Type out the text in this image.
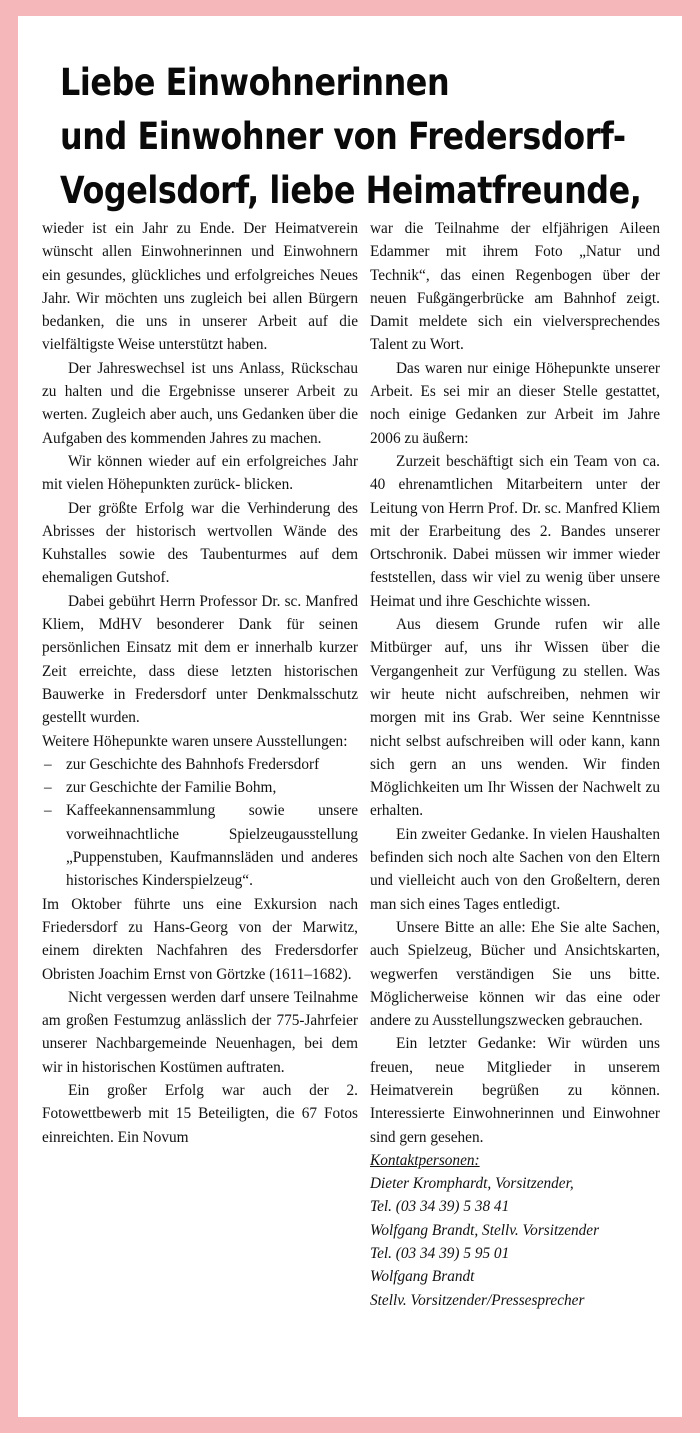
Liebe Einwohnerinnen
und Einwohner von Fredersdorf-
Vogelsdorf, liebe Heimatfreunde,

wieder ist ein Jahr zu Ende. Der Heimatverein wünscht allen Einwohnerinnen und Einwohnern ein gesundes, glückliches und erfolgreiches Neues Jahr. Wir möchten uns zugleich bei allen Bürgern bedanken, die uns in unserer Arbeit auf die vielfältigste Weise unterstützt haben.

Der Jahreswechsel ist uns Anlass, Rückschau zu halten und die Ergebnisse unserer Arbeit zu werten. Zugleich aber auch, uns Gedanken über die Aufgaben des kommenden Jahres zu machen.

Wir können wieder auf ein erfolgreiches Jahr mit vielen Höhepunkten zurück- blicken.

Der größte Erfolg war die Verhinderung des Abrisses der historisch wertvollen Wände des Kuhstalles sowie des Taubenturmes auf dem ehemaligen Gutshof.

Dabei gebührt Herrn Professor Dr. sc. Manfred Kliem, MdHV besonderer Dank für seinen persönlichen Einsatz mit dem er innerhalb kurzer Zeit erreichte, dass diese letzten historischen Bauwerke in Fredersdorf unter Denkmalsschutz gestellt wurden.

Weitere Höhepunkte waren unsere Ausstellungen:

– zur Geschichte des Bahnhofs Fredersdorf
– zur Geschichte der Familie Bohm,
– Kaffeekannensammlung sowie unsere vorweihnachtliche Spielzeugausstellung „Puppenstuben, Kaufmannsläden und anderes historisches Kinderspielzeug“.

Im Oktober führte uns eine Exkursion nach Friedersdorf zu Hans-Georg von der Marwitz, einem direkten Nachfahren des Fredersdorfer Obristen Joachim Ernst von Görtzke (1611–1682).

Nicht vergessen werden darf unsere Teilnahme am großen Festumzug anlässlich der 775-Jahrfeier unserer Nachbargemeinde Neuenhagen, bei dem wir in historischen Kostümen auftraten.

Ein großer Erfolg war auch der 2. Fotowettbewerb mit 15 Beteiligten, die 67 Fotos einreichten. Ein Novum

war die Teilnahme der elfjährigen Aileen Edammer mit ihrem Foto „Natur und Technik“, das einen Regenbogen über der neuen Fußgängerbrücke am Bahnhof zeigt. Damit meldete sich ein vielversprechendes Talent zu Wort.

Das waren nur einige Höhepunkte unserer Arbeit. Es sei mir an dieser Stelle gestattet, noch einige Gedanken zur Arbeit im Jahre 2006 zu äußern:

Zurzeit beschäftigt sich ein Team von ca. 40 ehrenamtlichen Mitarbeitern unter der Leitung von Herrn Prof. Dr. sc. Manfred Kliem mit der Erarbeitung des 2. Bandes unserer Ortschronik. Dabei müssen wir immer wieder feststellen, dass wir viel zu wenig über unsere Heimat und ihre Geschichte wissen.

Aus diesem Grunde rufen wir alle Mitbürger auf, uns ihr Wissen über die Vergangenheit zur Verfügung zu stellen. Was wir heute nicht aufschreiben, nehmen wir morgen mit ins Grab. Wer seine Kenntnisse nicht selbst aufschreiben will oder kann, kann sich gern an uns wenden. Wir finden Möglichkeiten um Ihr Wissen der Nachwelt zu erhalten.

Ein zweiter Gedanke. In vielen Haushalten befinden sich noch alte Sachen von den Eltern und vielleicht auch von den Großeltern, deren man sich eines Tages entledigt.

Unsere Bitte an alle: Ehe Sie alte Sachen, auch Spielzeug, Bücher und Ansichtskarten, wegwerfen verständigen Sie uns bitte. Möglicherweise können wir das eine oder andere zu Ausstellungszwecken gebrauchen.

Ein letzter Gedanke: Wir würden uns freuen, neue Mitglieder in unserem Heimatverein begrüßen zu können. Interessierte Einwohnerinnen und Einwohner sind gern gesehen.

Kontaktpersonen:

Dieter Kromphardt, Vorsitzender,

Tel. (03 34 39) 5 38 41

Wolfgang Brandt, Stellv. Vorsitzender

Tel. (03 34 39) 5 95 01

Wolfgang Brandt

Stellv. Vorsitzender/Pressesprecher
